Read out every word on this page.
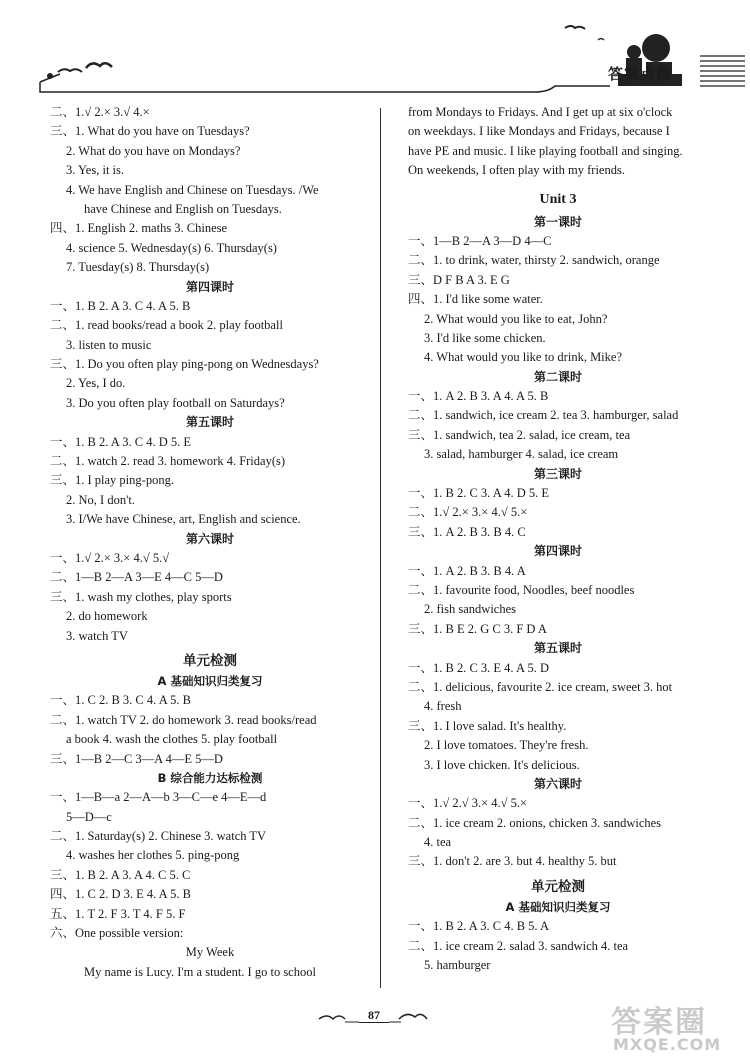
答案点拨
二、1.√ 2.× 3.√ 4.×
三、1. What do you have on Tuesdays?
2. What do you have on Mondays?
3. Yes, it is.
4. We have English and Chinese on Tuesdays. /We
have Chinese and English on Tuesdays.
四、1. English 2. maths 3. Chinese
4. science 5. Wednesday(s) 6. Thursday(s)
7. Tuesday(s) 8. Thursday(s)
第四课时
一、1. B 2. A 3. C 4. A 5. B
二、1. read books/read a book 2. play football
3. listen to music
三、1. Do you often play ping-pong on Wednesdays?
2. Yes, I do.
3. Do you often play football on Saturdays?
第五课时
一、1. B 2. A 3. C 4. D 5. E
二、1. watch 2. read 3. homework 4. Friday(s)
三、1. I play ping-pong.
2. No, I don't.
3. I/We have Chinese, art, English and science.
第六课时
一、1.√ 2.× 3.× 4.√ 5.√
二、1—B 2—A 3—E 4—C 5—D
三、1. wash my clothes, play sports
2. do homework
3. watch TV
单元检测
A 基础知识归类复习
一、1. C 2. B 3. C 4. A 5. B
二、1. watch TV 2. do homework 3. read books/read
a book 4. wash the clothes 5. play football
三、1—B 2—C 3—A 4—E 5—D
B 综合能力达标检测
一、1—B—a 2—A—b 3—C—e 4—E—d
5—D—c
二、1. Saturday(s) 2. Chinese 3. watch TV
4. washes her clothes 5. ping-pong
三、1. B 2. A 3. A 4. C 5. C
四、1. C 2. D 3. E 4. A 5. B
五、1. T 2. F 3. T 4. F 5. F
六、One possible version:
My Week
My name is Lucy. I'm a student. I go to school
from Mondays to Fridays. And I get up at six o'clock
on weekdays. I like Mondays and Fridays, because I
have PE and music. I like playing football and singing.
On weekends, I often play with my friends.
Unit 3
第一课时
一、1—B 2—A 3—D 4—C
二、1. to drink, water, thirsty 2. sandwich, orange
三、D F B A 3. E G
四、1. I'd like some water.
2. What would you like to eat, John?
3. I'd like some chicken.
4. What would you like to drink, Mike?
第二课时
一、1. A 2. B 3. A 4. A 5. B
二、1. sandwich, ice cream 2. tea 3. hamburger, salad
三、1. sandwich, tea 2. salad, ice cream, tea
3. salad, hamburger 4. salad, ice cream
第三课时
一、1. B 2. C 3. A 4. D 5. E
二、1.√ 2.× 3.× 4.√ 5.×
三、1. A 2. B 3. B 4. C
第四课时
一、1. A 2. B 3. B 4. A
二、1. favourite food, Noodles, beef noodles
2. fish sandwiches
三、1. B E 2. G C 3. F D A
第五课时
一、1. B 2. C 3. E 4. A 5. D
二、1. delicious, favourite 2. ice cream, sweet 3. hot
4. fresh
三、1. I love salad. It's healthy.
2. I love tomatoes. They're fresh.
3. I love chicken. It's delicious.
第六课时
一、1.√ 2.√ 3.× 4.√ 5.×
二、1. ice cream 2. onions, chicken 3. sandwiches
4. tea
三、1. don't 2. are 3. but 4. healthy 5. but
单元检测
A 基础知识归类复习
一、1. B 2. A 3. C 4. B 5. A
二、1. ice cream 2. salad 3. sandwich 4. tea
5. hamburger
87	答案圈
MXQE.COM
